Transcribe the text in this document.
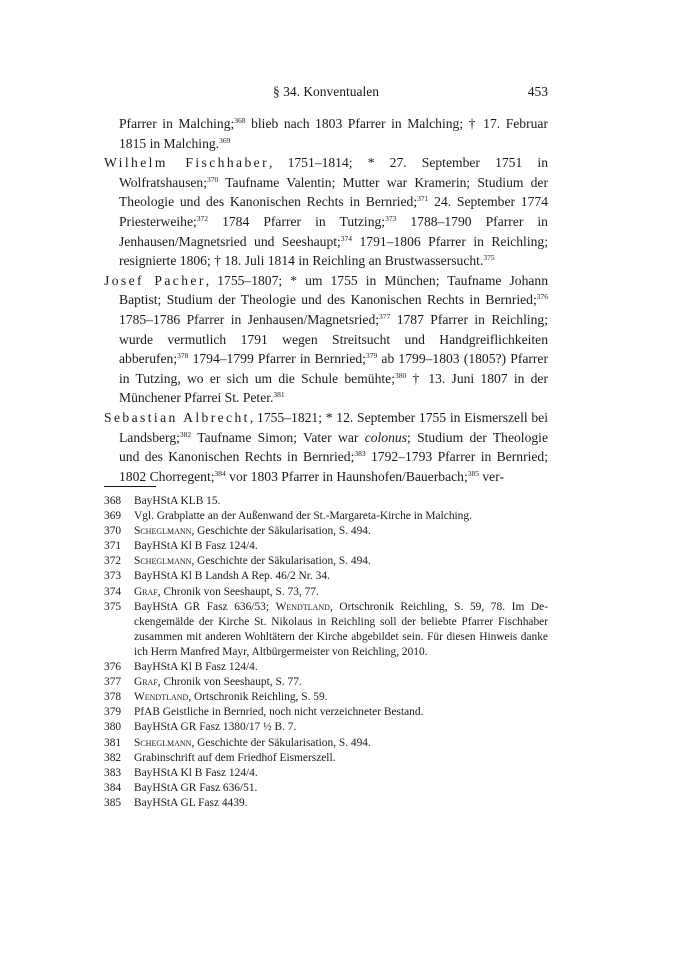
§ 34. Konventualen	453

Pfarrer in Malching;$^{368}$ blieb nach 1803 Pfarrer in Malching; † 17. Februar 1815 in Malching.$^{369}$

Wilhelm Fischhaber, 1751–1814; * 27. September 1751 in Wolfratshausen;$^{370}$ Taufname Valentin; Mutter war Kramerin; Studium der Theologie und des Kanonischen Rechts in Bernried;$^{371}$ 24. September 1774 Priesterweihe;$^{372}$ 1784 Pfarrer in Tutzing;$^{373}$ 1788–1790 Pfarrer in Jenhausen/Magnetsried und Seeshaupt;$^{374}$ 1791–1806 Pfarrer in Reichling; resignierte 1806; † 18. Juli 1814 in Reichling an Brustwassersucht.$^{375}$

Josef Pacher, 1755–1807; * um 1755 in München; Taufname Johann Baptist; Studium der Theologie und des Kanonischen Rechts in Bernried;$^{376}$ 1785–1786 Pfarrer in Jenhausen/Magnetsried;$^{377}$ 1787 Pfarrer in Reichling; wurde vermutlich 1791 wegen Streitsucht und Handgreiflichkeiten abberufen;$^{378}$ 1794–1799 Pfarrer in Bernried;$^{379}$ ab 1799–1803 (1805?) Pfarrer in Tutzing, wo er sich um die Schule bemühte;$^{380}$ † 13. Juni 1807 in der Münchener Pfarrei St. Peter.$^{381}$

Sebastian Albrecht, 1755–1821; * 12. September 1755 in Eismerszell bei Landsberg;$^{382}$ Taufname Simon; Vater war colonus; Studium der Theologie und des Kanonischen Rechts in Bernried;$^{383}$ 1792–1793 Pfarrer in Bernried; 1802 Chorregent;$^{384}$ vor 1803 Pfarrer in Haunshofen/Bauerbach;$^{385}$ ver-

368	BayHStA KLB 15.
369	Vgl. Grabplatte an der Außenwand der St.-Margareta-Kirche in Malching.
370	Scheglmann, Geschichte der Säkularisation, S. 494.
371	BayHStA Kl B Fasz 124/4.
372	Scheglmann, Geschichte der Säkularisation, S. 494.
373	BayHStA Kl B Landsh A Rep. 46/2 Nr. 34.
374	Graf, Chronik von Seeshaupt, S. 73, 77.
375	BayHStA GR Fasz 636/53; Wendtland, Ortschronik Reichling, S. 59, 78. Im Deckengemälde der Kirche St. Nikolaus in Reichling soll der beliebte Pfarrer Fischhaber zusammen mit anderen Wohltätern der Kirche abgebildet sein. Für diesen Hinweis danke ich Herrn Manfred Mayr, Altbürgermeister von Reichling, 2010.
376	BayHStA Kl B Fasz 124/4.
377	Graf, Chronik von Seeshaupt, S. 77.
378	Wendtland, Ortschronik Reichling, S. 59.
379	PfAB Geistliche in Bernried, noch nicht verzeichneter Bestand.
380	BayHStA GR Fasz 1380/17 ½ B. 7.
381	Scheglmann, Geschichte der Säkularisation, S. 494.
382	Grabinschrift auf dem Friedhof Eismerszell.
383	BayHStA Kl B Fasz 124/4.
384	BayHStA GR Fasz 636/51.
385	BayHStA GL Fasz 4439.
